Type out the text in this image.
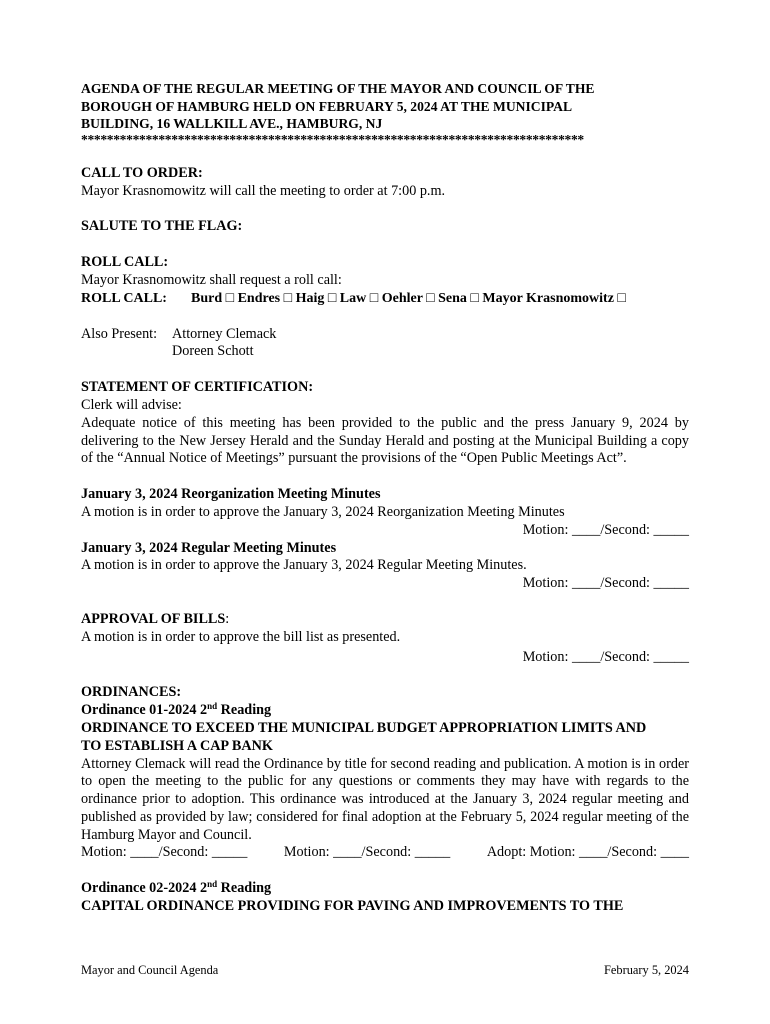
AGENDA OF THE REGULAR MEETING OF THE MAYOR AND COUNCIL OF THE
BOROUGH OF HAMBURG HELD ON FEBRUARY 5, 2024 AT THE MUNICIPAL
BUILDING, 16 WALLKILL AVE., HAMBURG, NJ
******************************************************************************
CALL TO ORDER:
Mayor Krasnomowitz will call the meeting to order at 7:00 p.m.
SALUTE TO THE FLAG:
ROLL CALL:
Mayor Krasnomowitz shall request a roll call:
ROLL CALL: Burd □ Endres □ Haig □ Law □ Oehler □ Sena □ Mayor Krasnomowitz □
Also Present:	Attorney Clemack
Doreen Schott
STATEMENT OF CERTIFICATION:
Clerk will advise:
Adequate notice of this meeting has been provided to the public and the press January 9, 2024 by delivering to the New Jersey Herald and the Sunday Herald and posting at the Municipal Building a copy of the “Annual Notice of Meetings” pursuant the provisions of the “Open Public Meetings Act”.
January 3, 2024 Reorganization Meeting Minutes
A motion is in order to approve the January 3, 2024 Reorganization Meeting Minutes
Motion: ____/Second: _____
January 3, 2024 Regular Meeting Minutes
A motion is in order to approve the January 3, 2024 Regular Meeting Minutes.
Motion: ____/Second: _____
APPROVAL OF BILLS:
A motion is in order to approve the bill list as presented.
Motion: ____/Second: _____
ORDINANCES:
Ordinance 01-2024 2nd Reading
ORDINANCE TO EXCEED THE MUNICIPAL BUDGET APPROPRIATION LIMITS AND
TO ESTABLISH A CAP BANK
Attorney Clemack will read the Ordinance by title for second reading and publication. A motion is in order to open the meeting to the public for any questions or comments they may have with regards to the ordinance prior to adoption. This ordinance was introduced at the January 3, 2024 regular meeting and published as provided by law; considered for final adoption at the February 5, 2024 regular meeting of the Hamburg Mayor and Council.
Motion: ____/Second: _____	Motion: ____/Second: _____	Adopt: Motion: ____/Second: ____
Ordinance 02-2024 2nd Reading
CAPITAL ORDINANCE PROVIDING FOR PAVING AND IMPROVEMENTS TO THE
Mayor and Council Agenda	February 5, 2024
